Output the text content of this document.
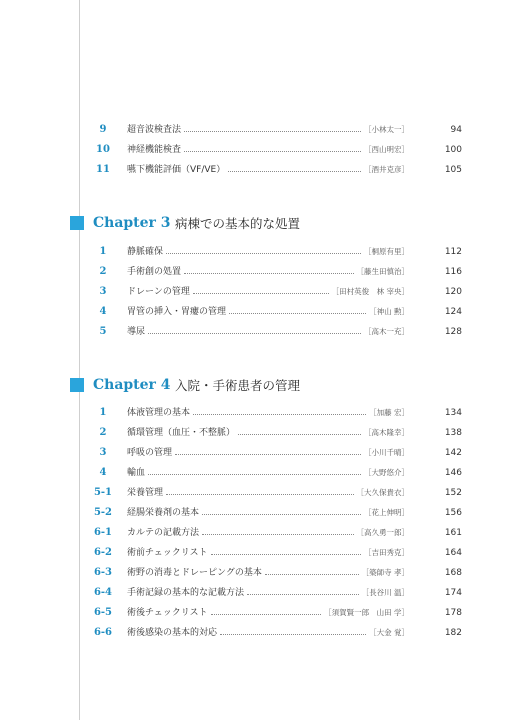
9	超音波検査法	［小林太一］	94
10	神経機能検査	［西山明宏］	100
11	嚥下機能評価（VF/VE）	［酒井克彦］	105
Chapter 3 病棟での基本的な処置
1	静脈確保	［桐原有里］	112
2	手術創の処置	［藤生田慎治］	116
3	ドレーンの管理	［田村英俊　林 宰央］	120
4	胃管の挿入・胃瘻の管理	［神山 勲］	124
5	導尿	［高木一充］	128
Chapter 4 入院・手術患者の管理
1	体液管理の基本	［加藤 宏］	134
2	循環管理（血圧・不整脈）	［高木隆幸］	138
3	呼吸の管理	［小川千晴］	142
4	輸血	［大野悠介］	146
5-1	栄養管理	［大久保貴衣］	152
5-2	経腸栄養剤の基本	［花上伸明］	156
6-1	カルテの記載方法	［高久勇一郎］	161
6-2	術前チェックリスト	［吉田秀克］	164
6-3	術野の消毒とドレーピングの基本	［築師寺 孝］	168
6-4	手術記録の基本的な記載方法	［長谷川 温］	174
6-5	術後チェックリスト	［須賀賢一郎　山田 学］	178
6-6	術後感染の基本的対応	［大金 覚］	182
